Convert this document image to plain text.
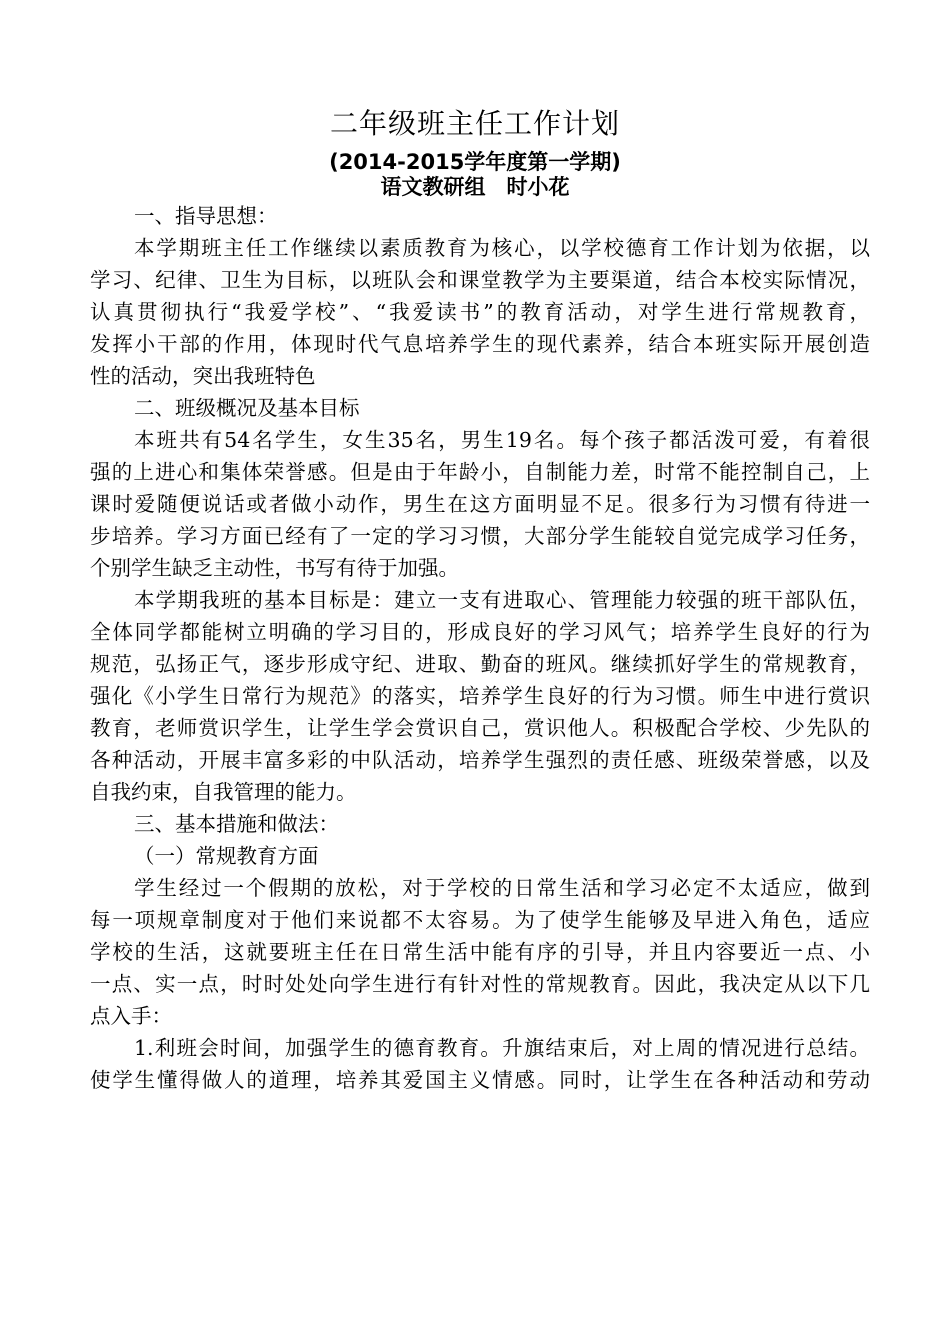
二年级班主任工作计划
(2014-2015学年度第一学期)
语文教研组　时小花
一、指导思想：
本学期班主任工作继续以素质教育为核心，以学校德育工作计划为依据，以
学习、纪律、卫生为目标，以班队会和课堂教学为主要渠道，结合本校实际情况，
认真贯彻执行“我爱学校”、“我爱读书”的教育活动，对学生进行常规教育，
发挥小干部的作用，体现时代气息培养学生的现代素养，结合本班实际开展创造
性的活动，突出我班特色
二、班级概况及基本目标
本班共有54名学生，女生35名，男生19名。每个孩子都活泼可爱，有着很
强的上进心和集体荣誉感。但是由于年龄小，自制能力差，时常不能控制自己，上
课时爱随便说话或者做小动作，男生在这方面明显不足。很多行为习惯有待进一
步培养。学习方面已经有了一定的学习习惯，大部分学生能较自觉完成学习任务，
个别学生缺乏主动性，书写有待于加强。
本学期我班的基本目标是：建立一支有进取心、管理能力较强的班干部队伍，
全体同学都能树立明确的学习目的，形成良好的学习风气；培养学生良好的行为
规范，弘扬正气，逐步形成守纪、进取、勤奋的班风。继续抓好学生的常规教育，
强化《小学生日常行为规范》的落实，培养学生良好的行为习惯。师生中进行赏识
教育，老师赏识学生，让学生学会赏识自己，赏识他人。积极配合学校、少先队的
各种活动，开展丰富多彩的中队活动，培养学生强烈的责任感、班级荣誉感，以及
自我约束，自我管理的能力。
三、基本措施和做法：
（一）常规教育方面
学生经过一个假期的放松，对于学校的日常生活和学习必定不太适应，做到
每一项规章制度对于他们来说都不太容易。为了使学生能够及早进入角色，适应
学校的生活，这就要班主任在日常生活中能有序的引导，并且内容要近一点、小
一点、实一点，时时处处向学生进行有针对性的常规教育。因此，我决定从以下几
点入手：
1.利班会时间，加强学生的德育教育。升旗结束后，对上周的情况进行总结。
使学生懂得做人的道理，培养其爱国主义情感。同时，让学生在各种活动和劳动
